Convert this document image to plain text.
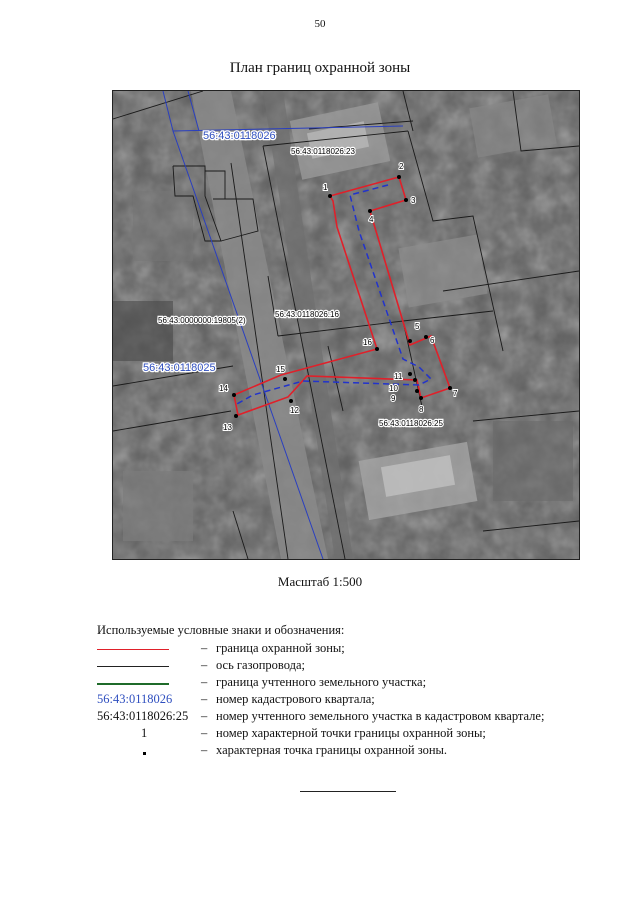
50
План границ охранной зоны
1
2
3
4
5
6
7
8
9
10
11
12
13
14
15
16
56:43:0118026:23
56:43:0000000:19805(2)
56:43:0118026:16
56:43:0118026:25
56:43:0118026
56:43:0118025
Масштаб 1:500
Используемые условные знаки и обозначения:
– граница охранной зоны;
– ось газопровода;
– граница учтенного земельного участка;
56:43:0118026 – номер кадастрового квартала;
56:43:0118026:25 – номер учтенного земельного участка в кадастровом квартале;
1	– номер характерной точки границы охранной зоны;
– характерная точка границы охранной зоны.
